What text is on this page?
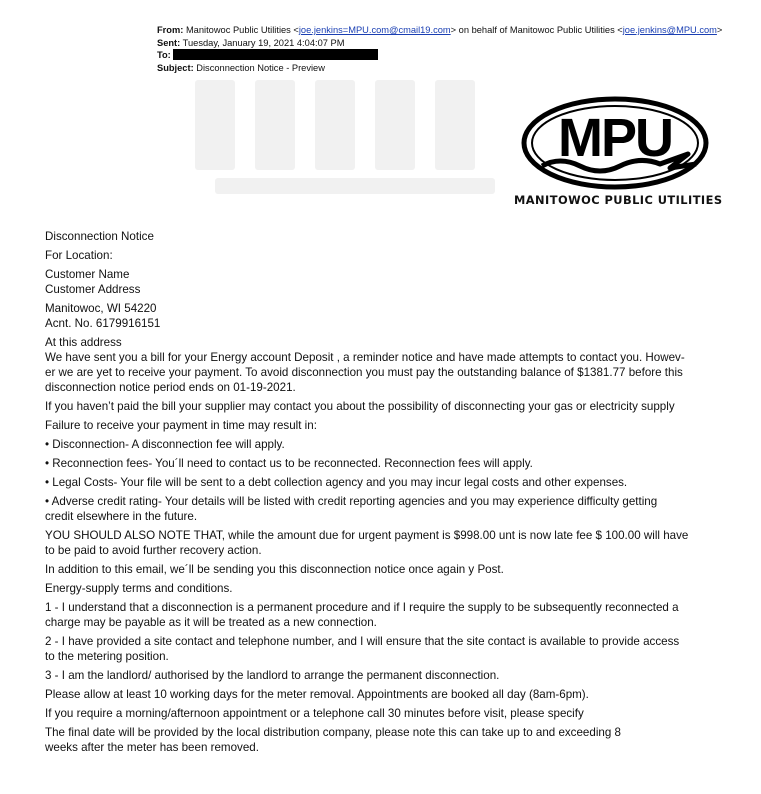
From: Manitowoc Public Utilities <joe.jenkins=MPU.com@cmail19.com> on behalf of Manitowoc Public Utilities <joe.jenkins@MPU.com>
Sent: Tuesday, January 19, 2021 4:04:07 PM
To:
Subject: Disconnection Notice - Preview
MPU
MANITOWOC PUBLIC UTILITIES

Disconnection Notice

For Location:

Customer Name

Customer Address

Manitowoc, WI 54220

Acnt. No. 6179916151

At this address

We have sent you a bill for your Energy account Deposit , a reminder notice and have made attempts to contact you. Howev-

er we are yet to receive your payment. To avoid disconnection you must pay the outstanding balance of $1381.77 before this

disconnection notice period ends on 01-19-2021.

If you haven’t paid the bill your supplier may contact you about the possibility of disconnecting your gas or electricity supply

Failure to receive your payment in time may result in:

• Disconnection- A disconnection fee will apply.

• Reconnection fees- You´ll need to contact us to be reconnected. Reconnection fees will apply.

• Legal Costs- Your file will be sent to a debt collection agency and you may incur legal costs and other expenses.

• Adverse credit rating- Your details will be listed with credit reporting agencies and you may experience difficulty getting

credit elsewhere in the future.

YOU SHOULD ALSO NOTE THAT, while the amount due for urgent payment is $998.00 unt is now late fee $ 100.00 will have

to be paid to avoid further recovery action.

In addition to this email, we´ll be sending you this disconnection notice once again y Post.

Energy-supply terms and conditions.

1 - I understand that a disconnection is a permanent procedure and if I require the supply to be subsequently reconnected a

charge may be payable as it will be treated as a new connection.

2 - I have provided a site contact and telephone number, and I will ensure that the site contact is available to provide access

to the metering position.

3 - I am the landlord/ authorised by the landlord to arrange the permanent disconnection.

Please allow at least 10 working days for the meter removal. Appointments are booked all day (8am-6pm).

If you require a morning/afternoon appointment or a telephone call 30 minutes before visit, please specify

The final date will be provided by the local distribution company, please note this can take up to and exceeding 8

weeks after the meter has been removed.
